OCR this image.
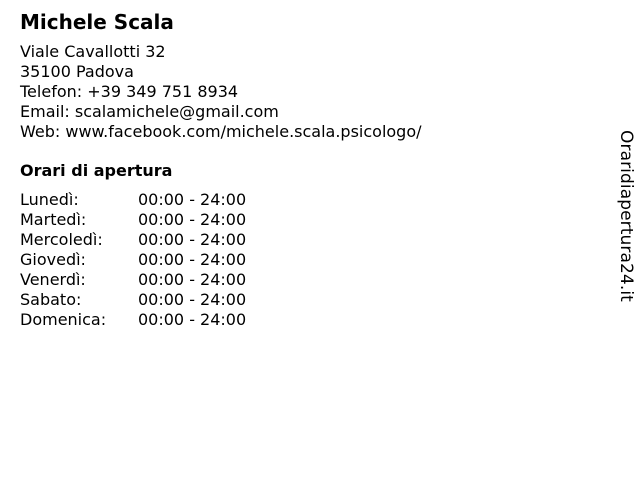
Michele Scala
Viale Cavallotti 32
35100 Padova
Telefon: +39 349 751 8934
Email: scalamichele@gmail.com
Web: www.facebook.com/michele.scala.psicologo/
Orari di apertura
Lunedì:	00:00 - 24:00
Martedì:	00:00 - 24:00
Mercoledì: 00:00 - 24:00
Giovedì:	00:00 - 24:00
Venerdì:	00:00 - 24:00
Sabato:	00:00 - 24:00
Domenica: 00:00 - 24:00
Oraridiapertura24.it
